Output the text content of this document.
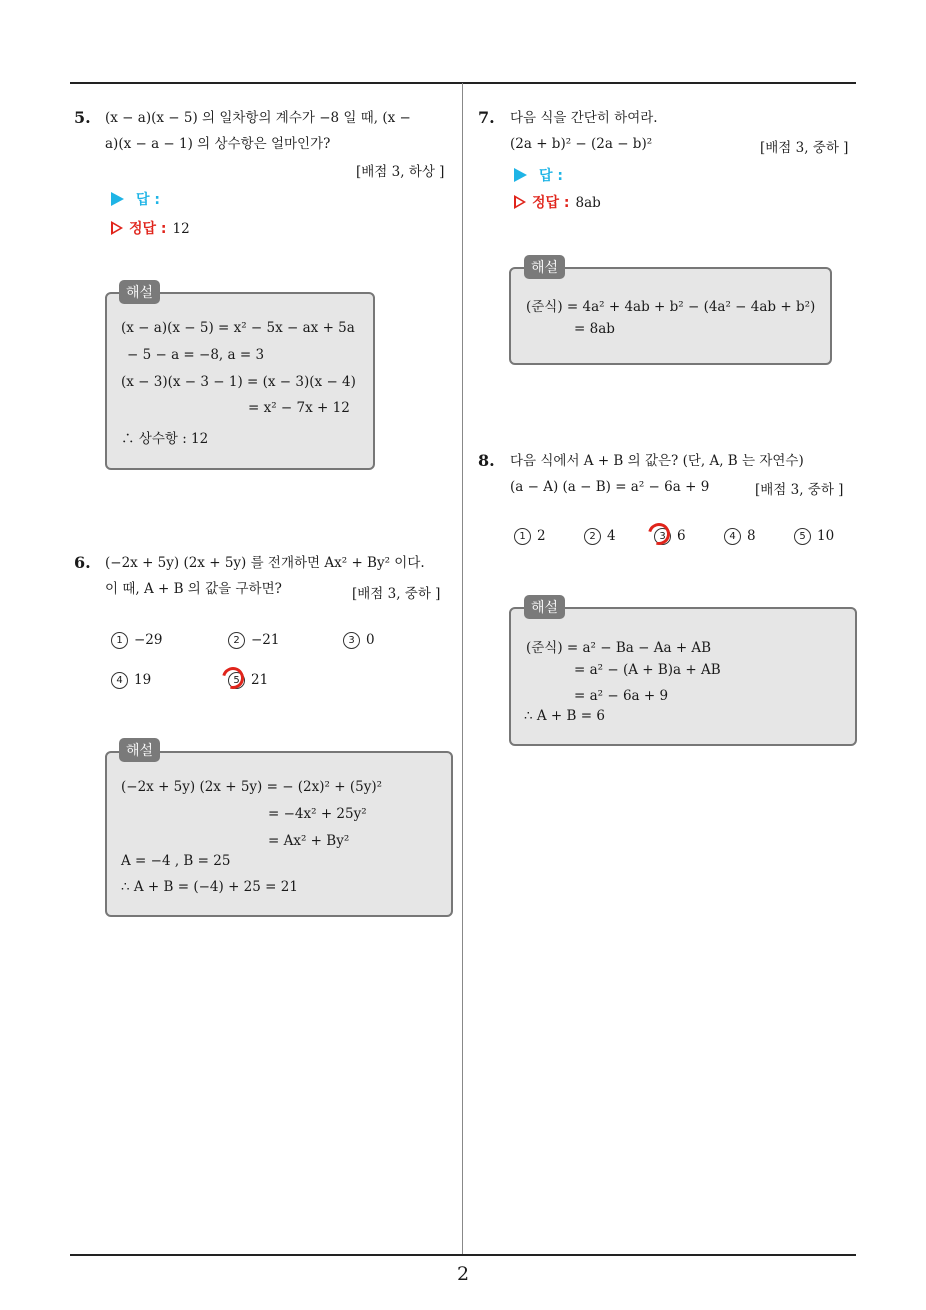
2
5. (x − a)(x − 5) 의 일차항의 계수가 −8 일 때, (x −
a)(x − a − 1) 의 상수항은 얼마인가?
[배점 3, 하상 ]
답 :
정답 : 12
(x − a)(x − 5) = x² − 5x − ax + 5a
− 5 − a = −8, a = 3
(x − 3)(x − 3 − 1) = (x − 3)(x − 4)
= x² − 7x + 12
∴ 상수항 : 12
해설
6. (−2x + 5y) (2x + 5y) 를 전개하면 Ax² + By² 이다.
이 때, A + B 의 값을 구하면?	[배점 3, 중하 ]
1 −29	2 −21	3 0
4 19	5 21
(−2x + 5y) (2x + 5y) = − (2x)² + (5y)²
= −4x² + 25y²
= Ax² + By²
A = −4 , B = 25
∴ A + B = (−4) + 25 = 21
해설
7. 다음 식을 간단히 하여라.
(2a + b)² − (2a − b)²	[배점 3, 중하 ]
답 :
정답 : 8ab
(준식) = 4a² + 4ab + b² − (4a² − 4ab + b²)
= 8ab
해설
8. 다음 식에서 A + B 의 값은? (단, A, B 는 자연수)
(a − A) (a − B) = a² − 6a + 9	[배점 3, 중하 ]
1 2	2 4	3 6	4 8	5 10
(준식) = a² − Ba − Aa + AB
= a² − (A + B)a + AB
= a² − 6a + 9
∴ A + B = 6
해설
